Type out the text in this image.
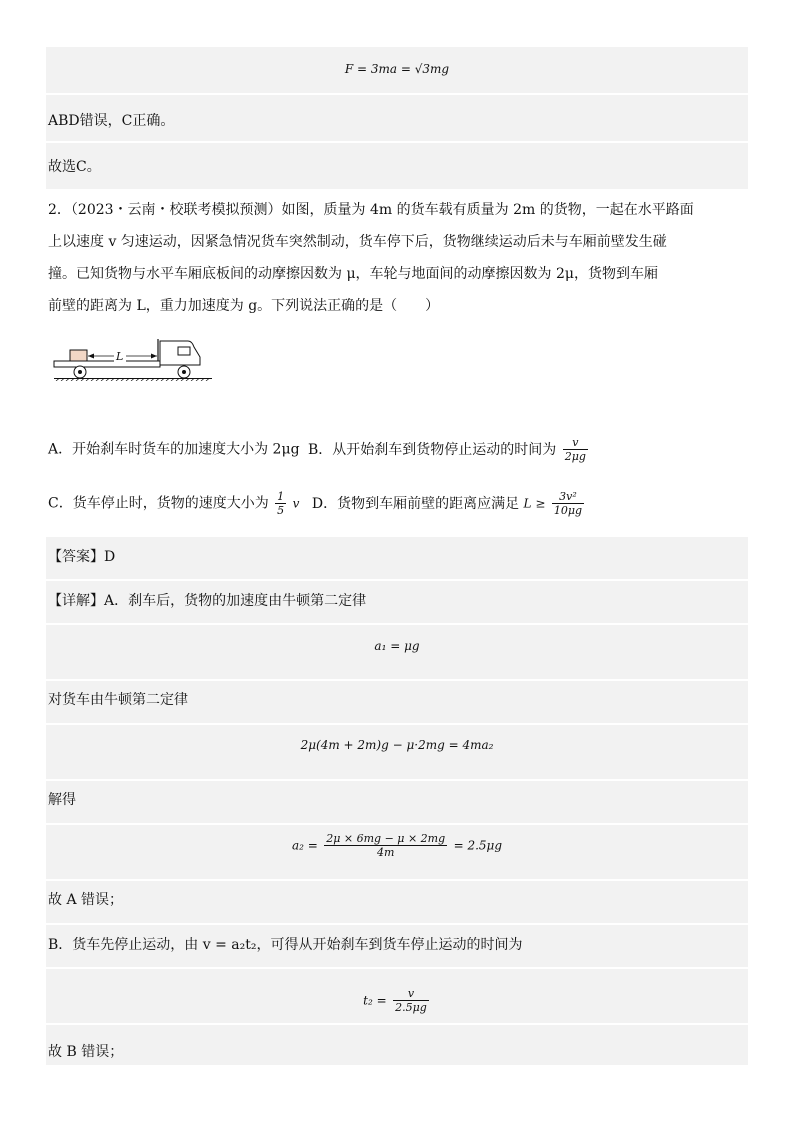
F = 3ma = √3mg
ABD错误，C正确。
故选C。
2．（2023・云南・校联考模拟预测）如图，质量为 4m 的货车载有质量为 2m 的货物，一起在水平路面
上以速度 v 匀速运动，因紧急情况货车突然制动，货车停下后，货物继续运动后未与车厢前壁发生碰
撞。已知货物与水平车厢底板间的动摩擦因数为 μ，车轮与地面间的动摩擦因数为 2μ，货物到车厢
前壁的距离为 L，重力加速度为 g。下列说法正确的是（　　）
L
A．开始刹车时货车的加速度大小为 2μg B．从开始刹车到货物停止运动的时间为 $\frac{v}{2\mu g}$
C．货车停止时，货物的速度大小为 $\frac{1}{5}$ v D．货物到车厢前壁的距离应满足 $L \ge \frac{\text{3v²}}{10\mu g}$
【答案】D
【详解】A．刹车后，货物的加速度由牛顿第二定律
a₁ = μg
对货车由牛顿第二定律
2μ(4m + 2m)g − μ·2mg = 4ma₂
解得
$a_2 = \frac{2\mu \times 6mg - \mu \times 2mg}{4m} = 2.5\mu g$
故 A 错误；
B．货车先停止运动，由 v = a₂t₂，可得从开始刹车到货车停止运动的时间为
$t_2 = \frac{v}{2.5\mu g}$
故 B 错误；
